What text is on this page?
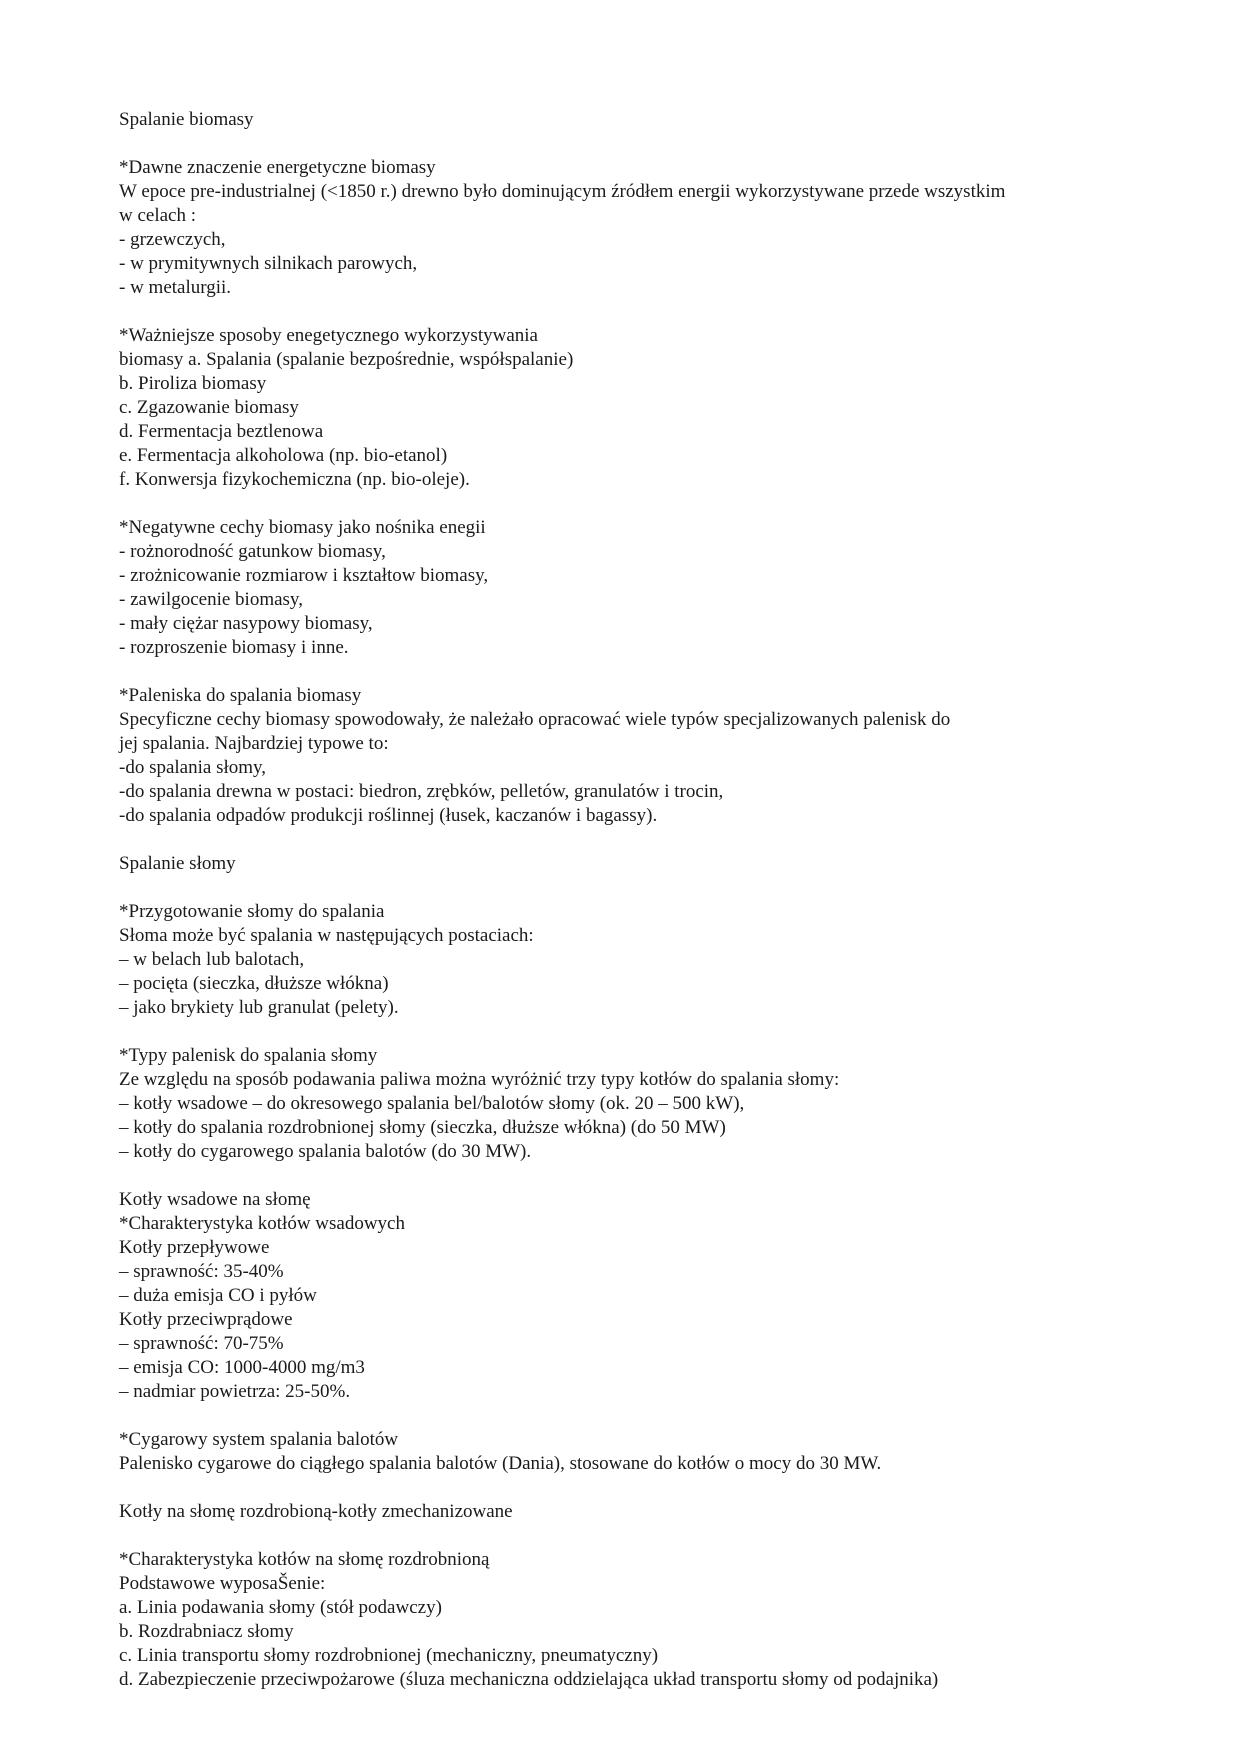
Spalanie biomasy
*Dawne znaczenie energetyczne biomasy
W epoce pre-industrialnej (<1850 r.) drewno było dominującym źródłem energii wykorzystywane przede wszystkim
w celach :
- grzewczych,
- w prymitywnych silnikach parowych,
- w metalurgii.
*Ważniejsze sposoby enegetycznego wykorzystywania
biomasy a. Spalania (spalanie bezpośrednie, współspalanie)
b. Piroliza biomasy
c. Zgazowanie biomasy
d. Fermentacja beztlenowa
e. Fermentacja alkoholowa (np. bio-etanol)
f. Konwersja fizykochemiczna (np. bio-oleje).
*Negatywne cechy biomasy jako nośnika enegii
- rożnorodność gatunkow biomasy,
- zrożnicowanie rozmiarow i kształtow biomasy,
- zawilgocenie biomasy,
- mały ciężar nasypowy biomasy,
- rozproszenie biomasy i inne.
*Paleniska do spalania biomasy
Specyficzne cechy biomasy spowodowały, że należało opracować wiele typów specjalizowanych palenisk do
jej spalania. Najbardziej typowe to:
-do spalania słomy,
-do spalania drewna w postaci: biedron, zrębków, pelletów, granulatów i trocin,
-do spalania odpadów produkcji roślinnej (łusek, kaczanów i bagassy).
Spalanie słomy
*Przygotowanie słomy do spalania
Słoma może być spalania w następujących postaciach:
– w belach lub balotach,
– pocięta (sieczka, dłuższe włókna)
– jako brykiety lub granulat (pelety).
*Typy palenisk do spalania słomy
Ze względu na sposób podawania paliwa można wyróżnić trzy typy kotłów do spalania słomy:
– kotły wsadowe – do okresowego spalania bel/balotów słomy (ok. 20 – 500 kW),
– kotły do spalania rozdrobnionej słomy (sieczka, dłuższe włókna) (do 50 MW)
– kotły do cygarowego spalania balotów (do 30 MW).
Kotły wsadowe na słomę
*Charakterystyka kotłów wsadowych
Kotły przepływowe
– sprawność: 35-40%
– duża emisja CO i pyłów
Kotły przeciwprądowe
– sprawność: 70-75%
– emisja CO: 1000-4000 mg/m3
– nadmiar powietrza: 25-50%.
*Cygarowy system spalania balotów
Palenisko cygarowe do ciągłego spalania balotów (Dania), stosowane do kotłów o mocy do 30 MW.
Kotły na słomę rozdrobioną-kotły zmechanizowane
*Charakterystyka kotłów na słomę rozdrobnioną
Podstawowe wyposaŠenie:
a. Linia podawania słomy (stół podawczy)
b. Rozdrabniacz słomy
c. Linia transportu słomy rozdrobnionej (mechaniczny, pneumatyczny)
d. Zabezpieczenie przeciwpożarowe (śluza mechaniczna oddzielająca układ transportu słomy od podajnika)
